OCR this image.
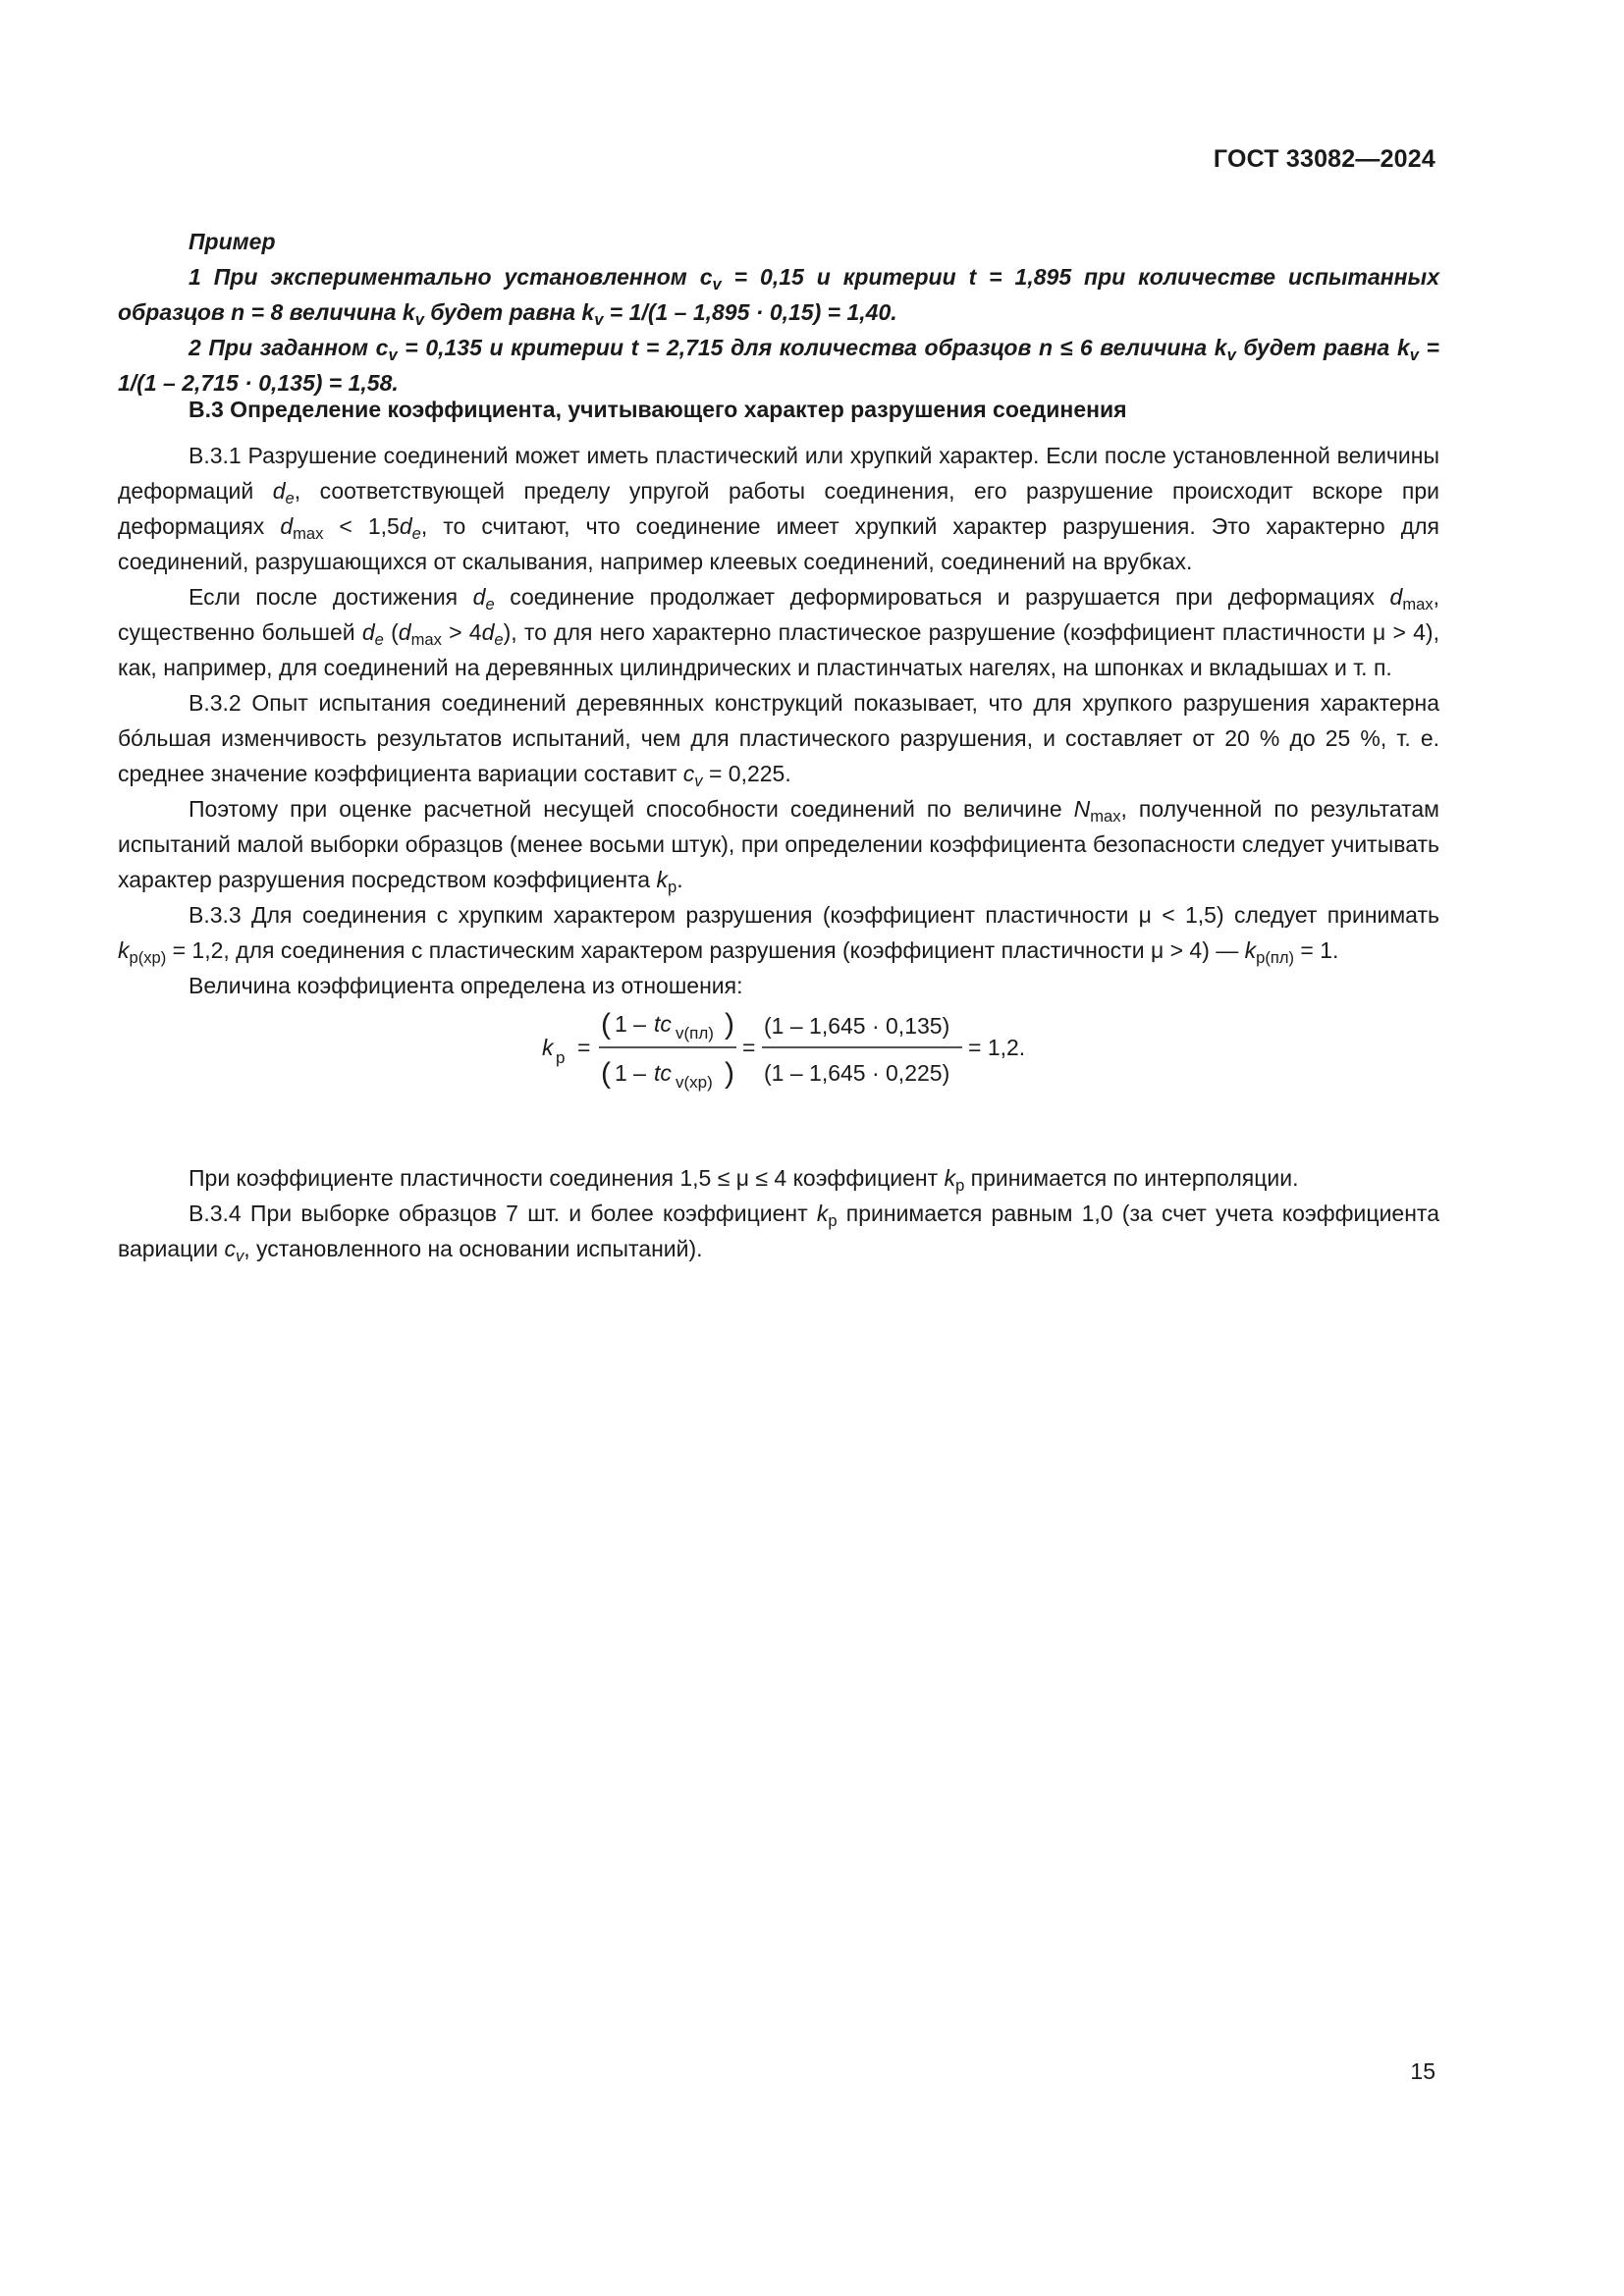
ГОСТ 33082—2024

Пример

1 При экспериментально установленном $c_v = 0,15$ и критерии t = 1,895 при количестве испытанных образцов n = 8 величина $k_v$ будет равна $k_v = 1/(1 - 1,895 \cdot 0,15) = 1,40$.

2 При заданном $c_v = 0,135$ и критерии t = 2,715 для количества образцов n ≤ 6 величина $k_v$ будет равна $k_v = 1/(1 - 2,715 \cdot 0,135) = 1,58$.

В.3 Определение коэффициента, учитывающего характер разрушения соединения

В.3.1 Разрушение соединений может иметь пластический или хрупкий характер. Если после установленной величины деформаций $d_e$, соответствующей пределу упругой работы соединения, его разрушение происходит вскоре при деформациях $d_{max} < 1,5d_e$, то считают, что соединение имеет хрупкий характер разрушения. Это характерно для соединений, разрушающихся от скалывания, например клеевых соединений, соединений на врубках.

Если после достижения $d_e$ соединение продолжает деформироваться и разрушается при деформациях $d_{max}$, существенно большей $d_e$ $(d_{max} > 4d_e)$, то для него характерно пластическое разрушение (коэффициент пластичности μ > 4), как, например, для соединений на деревянных цилиндрических и пластинчатых нагелях, на шпонках и вкладышах и т. п.

В.3.2 Опыт испытания соединений деревянных конструкций показывает, что для хрупкого разрушения характерна бóльшая изменчивость результатов испытаний, чем для пластического разрушения, и составляет от 20 % до 25 %, т. е. среднее значение коэффициента вариации составит $c_v = 0,225$.

Поэтому при оценке расчетной несущей способности соединений по величине $N_{max}$, полученной по результатам испытаний малой выборки образцов (менее восьми штук), при определении коэффициента безопасности следует учитывать характер разрушения посредством коэффициента $k_р$.

В.3.3 Для соединения с хрупким характером разрушения (коэффициент пластичности μ < 1,5) следует принимать $k_{р(хр)} = 1,2$, для соединения с пластическим характером разрушения (коэффициент пластичности μ > 4) — $k_{р(пл)} = 1$.

Величина коэффициента определена из отношения:

k р =
( 1 – tc v(пл) )
( 1 – tc v(хр) )
=
(1 – 1,645 · 0,135)
(1 – 1,645 · 0,225)
= 1,2.

При коэффициенте пластичности соединения 1,5 ≤ μ ≤ 4 коэффициент $k_р$ принимается по интерполяции.

В.3.4 При выборке образцов 7 шт. и более коэффициент $k_р$ принимается равным 1,0 (за счет учета коэффициента вариации $c_v$, установленного на основании испытаний).

15
